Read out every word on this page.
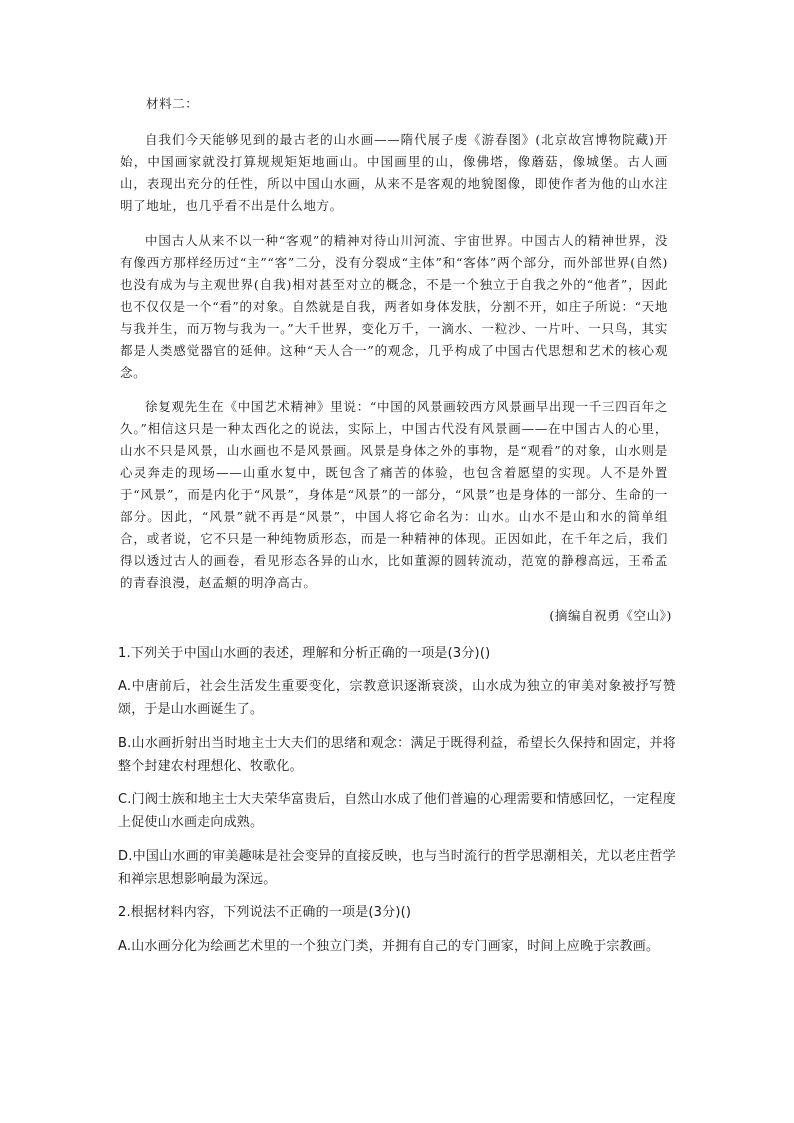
材料二：

自我们今天能够见到的最古老的山水画——隋代展子虔《游春图》(北京故宫博物院藏)开始，中国画家就没打算规规矩矩地画山。中国画里的山，像佛塔，像蘑菇，像城堡。古人画山，表现出充分的任性，所以中国山水画，从来不是客观的地貌图像，即使作者为他的山水注明了地址，也几乎看不出是什么地方。

中国古人从来不以一种“客观”的精神对待山川河流、宇宙世界。中国古人的精神世界，没有像西方那样经历过“主”“客”二分，没有分裂成“主体”和“客体”两个部分，而外部世界(自然)也没有成为与主观世界(自我)相对甚至对立的概念，不是一个独立于自我之外的“他者”，因此也不仅仅是一个“看”的对象。自然就是自我，两者如身体发肤，分割不开，如庄子所说：“天地与我并生，而万物与我为一。”大千世界，变化万千，一滴水、一粒沙、一片叶、一只鸟，其实都是人类感觉器官的延伸。这种“天人合一”的观念，几乎构成了中国古代思想和艺术的核心观念。

徐复观先生在《中国艺术精神》里说：“中国的风景画较西方风景画早出现一千三四百年之久。”相信这只是一种太西化之的说法，实际上，中国古代没有风景画——在中国古人的心里，山水不只是风景，山水画也不是风景画。风景是身体之外的事物，是“观看”的对象，山水则是心灵奔走的现场——山重水复中，既包含了痛苦的体验，也包含着愿望的实现。人不是外置于“风景”，而是内化于“风景”，身体是“风景”的一部分，“风景”也是身体的一部分、生命的一部分。因此，“风景”就不再是“风景”，中国人将它命名为：山水。山水不是山和水的简单组合，或者说，它不只是一种纯物质形态，而是一种精神的体现。正因如此，在千年之后，我们得以透过古人的画卷，看见形态各异的山水，比如董源的圆转流动，范宽的静穆高远，王希孟的青春浪漫，赵孟頫的明净高古。

(摘编自祝勇《空山》)

1.下列关于中国山水画的表述，理解和分析正确的一项是(3分)()

A.中唐前后，社会生活发生重要变化，宗教意识逐渐衰淡，山水成为独立的审美对象被抒写赞颂，于是山水画诞生了。

B.山水画折射出当时地主士大夫们的思绪和观念：满足于既得利益，希望长久保持和固定，并将整个封建农村理想化、牧歌化。

C.门阀士族和地主士大夫荣华富贵后，自然山水成了他们普遍的心理需要和情感回忆，一定程度上促使山水画走向成熟。

D.中国山水画的审美趣味是社会变异的直接反映，也与当时流行的哲学思潮相关，尤以老庄哲学和禅宗思想影响最为深远。

2.根据材料内容，下列说法不正确的一项是(3分)()

A.山水画分化为绘画艺术里的一个独立门类，并拥有自己的专门画家，时间上应晚于宗教画。
